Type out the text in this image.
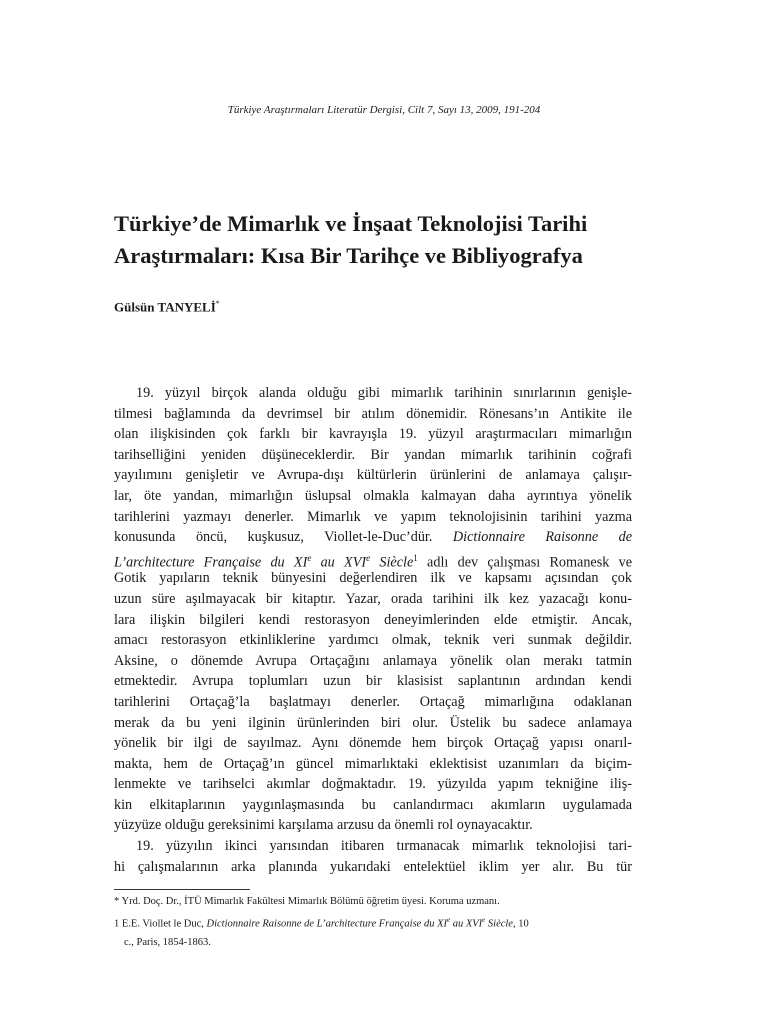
Türkiye Araştırmaları Literatür Dergisi, Cilt 7, Sayı 13, 2009, 191-204
Türkiye’de Mimarlık ve İnşaat Teknolojisi Tarihi
Araştırmaları: Kısa Bir Tarihçe ve Bibliyografya
Gülsün TANYELİ*
19. yüzyıl birçok alanda olduğu gibi mimarlık tarihinin sınırlarının genişle-
tilmesi bağlamında da devrimsel bir atılım dönemidir. Rönesans’ın Antikite ile
olan ilişkisinden çok farklı bir kavrayışla 19. yüzyıl araştırmacıları mimarlığın
tarihselliğini yeniden düşüneceklerdir. Bir yandan mimarlık tarihinin coğrafi
yayılımını genişletir ve Avrupa-dışı kültürlerin ürünlerini de anlamaya çalışır-
lar, öte yandan, mimarlığın üslupsal olmakla kalmayan daha ayrıntıya yönelik
tarihlerini yazmayı denerler. Mimarlık ve yapım teknolojisinin tarihini yazma
konusunda öncü, kuşkusuz, Viollet-le-Duc’dür. Dictionnaire Raisonne de
L’architecture Française du XIe au XVIe Siècle$^1$ adlı dev çalışması Romanesk ve
Gotik yapıların teknik bünyesini değerlendiren ilk ve kapsamı açısından çok
uzun süre aşılmayacak bir kitaptır. Yazar, orada tarihini ilk kez yazacağı konu-
lara ilişkin bilgileri kendi restorasyon deneyimlerinden elde etmiştir. Ancak,
amacı restorasyon etkinliklerine yardımcı olmak, teknik veri sunmak değildir.
Aksine, o dönemde Avrupa Ortaçağını anlamaya yönelik olan merakı tatmin
etmektedir. Avrupa toplumları uzun bir klasisist saplantının ardından kendi
tarihlerini Ortaçağ’la başlatmayı denerler. Ortaçağ mimarlığına odaklanan
merak da bu yeni ilginin ürünlerinden biri olur. Üstelik bu sadece anlamaya
yönelik bir ilgi de sayılmaz. Aynı dönemde hem birçok Ortaçağ yapısı onarıl-
makta, hem de Ortaçağ’ın güncel mimarlıktaki eklektisist uzanımları da biçim-
lenmekte ve tarihselci akımlar doğmaktadır. 19. yüzyılda yapım tekniğine iliş-
kin elkitaplarının yaygınlaşmasında bu canlandırmacı akımların uygulamada
yüzyüze olduğu gereksinimi karşılama arzusu da önemli rol oynayacaktır.
19. yüzyılın ikinci yarısından itibaren tırmanacak mimarlık teknolojisi tari-
hi çalışmalarının arka planında yukarıdaki entelektüel iklim yer alır. Bu tür
* Yrd. Doç. Dr., İTÜ Mimarlık Fakültesi Mimarlık Bölümü öğretim üyesi. Koruma uzmanı.
1 E.E. Viollet le Duc, Dictionnaire Raisonne de L’architecture Française du XIe au XVIe Siècle, 10
c., Paris, 1854-1863.
